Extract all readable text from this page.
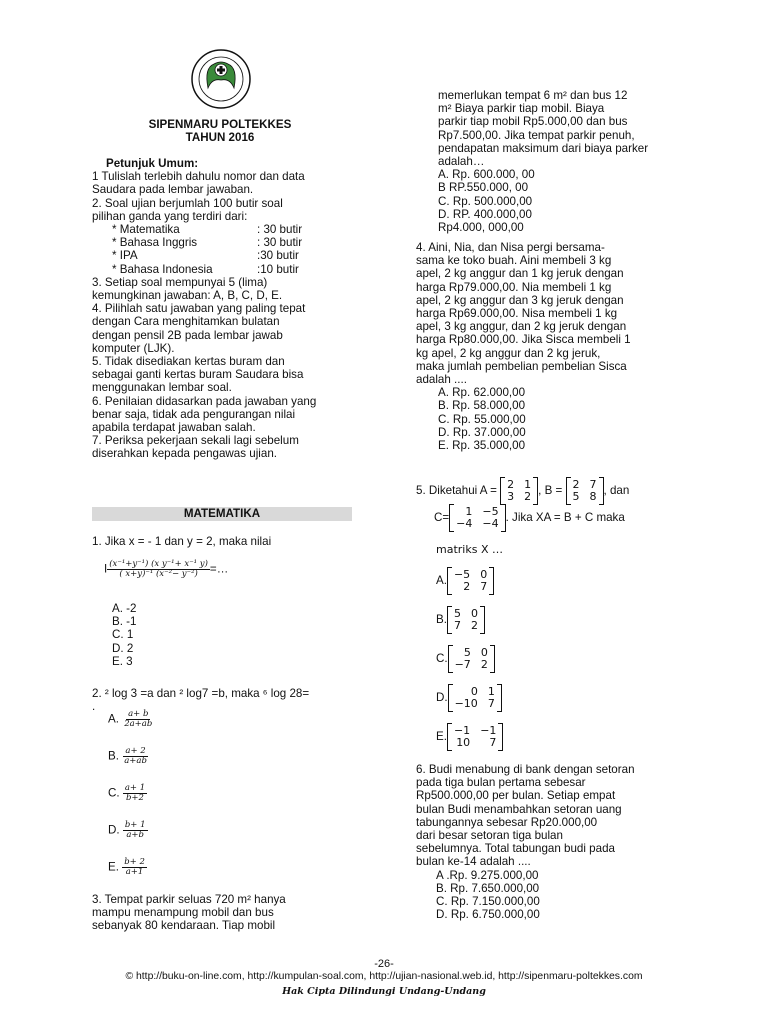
SIPENMARU POLTEKKES
TAHUN 2016

Petunjuk Umum:

1 Tulislah terlebih dahulu nomor dan data

Saudara pada lembar jawaban.

2. Soal ujian berjumlah 100 butir soal

pilihan ganda yang terdiri dari:

* Matematika	: 30 butir
* Bahasa Inggris	: 30 butir
* IPA	:30 butir
* Bahasa Indonesia	:10 butir

3. Setiap soal mempunyai 5 (lima)

kemungkinan jawaban: A, B, C, D, E.

4. Pilihlah satu jawaban yang paling tepat

dengan Cara menghitamkan bulatan

dengan pensil 2B pada lembar jawab

komputer (LJK).

5. Tidak disediakan kertas buram dan

sebagai ganti kertas buram Saudara bisa

menggunakan lembar soal.

6. Penilaian didasarkan pada jawaban yang

benar saja, tidak ada pengurangan nilai

apabila terdapat jawaban salah.

7. Periksa pekerjaan sekali lagi sebelum

diserahkan kepada pengawas ujian.

MATEMATIKA

1. Jika x = - 1 dan y = 2, maka nilai

I $\frac{\text{(x⁻¹+y⁻¹) (x y⁻¹+ x⁻¹ y)}}{\text{( x+y)⁻¹ (x⁻²− y⁻²)}}$ =…

A. -2

B. -1

C. 1

D. 2

E. 3

2. ² log 3 =a dan ² log7 =b, maka ⁶ log 28=

.

A. $\frac{a+ b}{2a+ab}$
B. $\frac{a+ 2}{a+ab}$
C. $\frac{a+ 1}{b+2}$
D. $\frac{b+ 1}{a+b}$
E. $\frac{b+ 2}{a+1}$

3. Tempat parkir seluas 720 m² hanya

mampu menampung mobil dan bus

sebanyak 80 kendaraan. Tiap mobil

memerlukan tempat 6 m² dan bus 12

m² Biaya parkir tiap mobil. Biaya

parkir tiap mobil Rp5.000,00 dan bus

Rp7.500,00. Jika tempat parkir penuh,

pendapatan maksimum dari biaya parker

adalah…

A. Rp. 600.000, 00

B RP.550.000, 00

C. Rp. 500.000,00

D. RP. 400.000,00

Rp4.000, 000,00

4. Aini, Nia, dan Nisa pergi bersama-

sama ke toko buah. Aini membeli 3 kg

apel, 2 kg anggur dan 1 kg jeruk dengan

harga Rp79.000,00. Nia membeli 1 kg

apel, 2 kg anggur dan 3 kg jeruk dengan

harga Rp69.000,00. Nisa membeli 1 kg

apel, 3 kg anggur, dan 2 kg jeruk dengan

harga Rp80.000,00. Jika Sisca membeli 1

kg apel, 2 kg anggur dan 2 kg jeruk,

maka jumlah pembelian pembelian Sisca

adalah ....

A. Rp. 62.000,00

B. Rp. 58.000,00

C. Rp. 55.000,00

D. Rp. 37.000,00

E. Rp. 35.000,00

5. Diketahui A = 2 1
3 2 , B = 2 7
5 8 , dan
C=	1 −5
−4 −4 . Jika XA = B + C maka
matriks X …
A. −5 0
2 7
B. 5 0
7 2
C.	5 0
−7 2
D.	0 1
−10 7
E. −1 −1
10	7

6. Budi menabung di bank dengan setoran

pada tiga bulan pertama sebesar

Rp500.000,00 per bulan. Setiap empat

bulan Budi menambahkan setoran uang

tabungannya sebesar Rp20.000,00

dari besar setoran tiga bulan

sebelumnya. Total tabungan budi pada

bulan ke-14 adalah ....

A .Rp. 9.275.000,00

B. Rp. 7.650.000,00

C. Rp. 7.150.000,00

D. Rp. 6.750.000,00

-26-
© http://buku-on-line.com, http://kumpulan-soal.com, http://ujian-nasional.web.id, http://sipenmaru-poltekkes.com
Hak Cipta Dilindungi Undang-Undang
